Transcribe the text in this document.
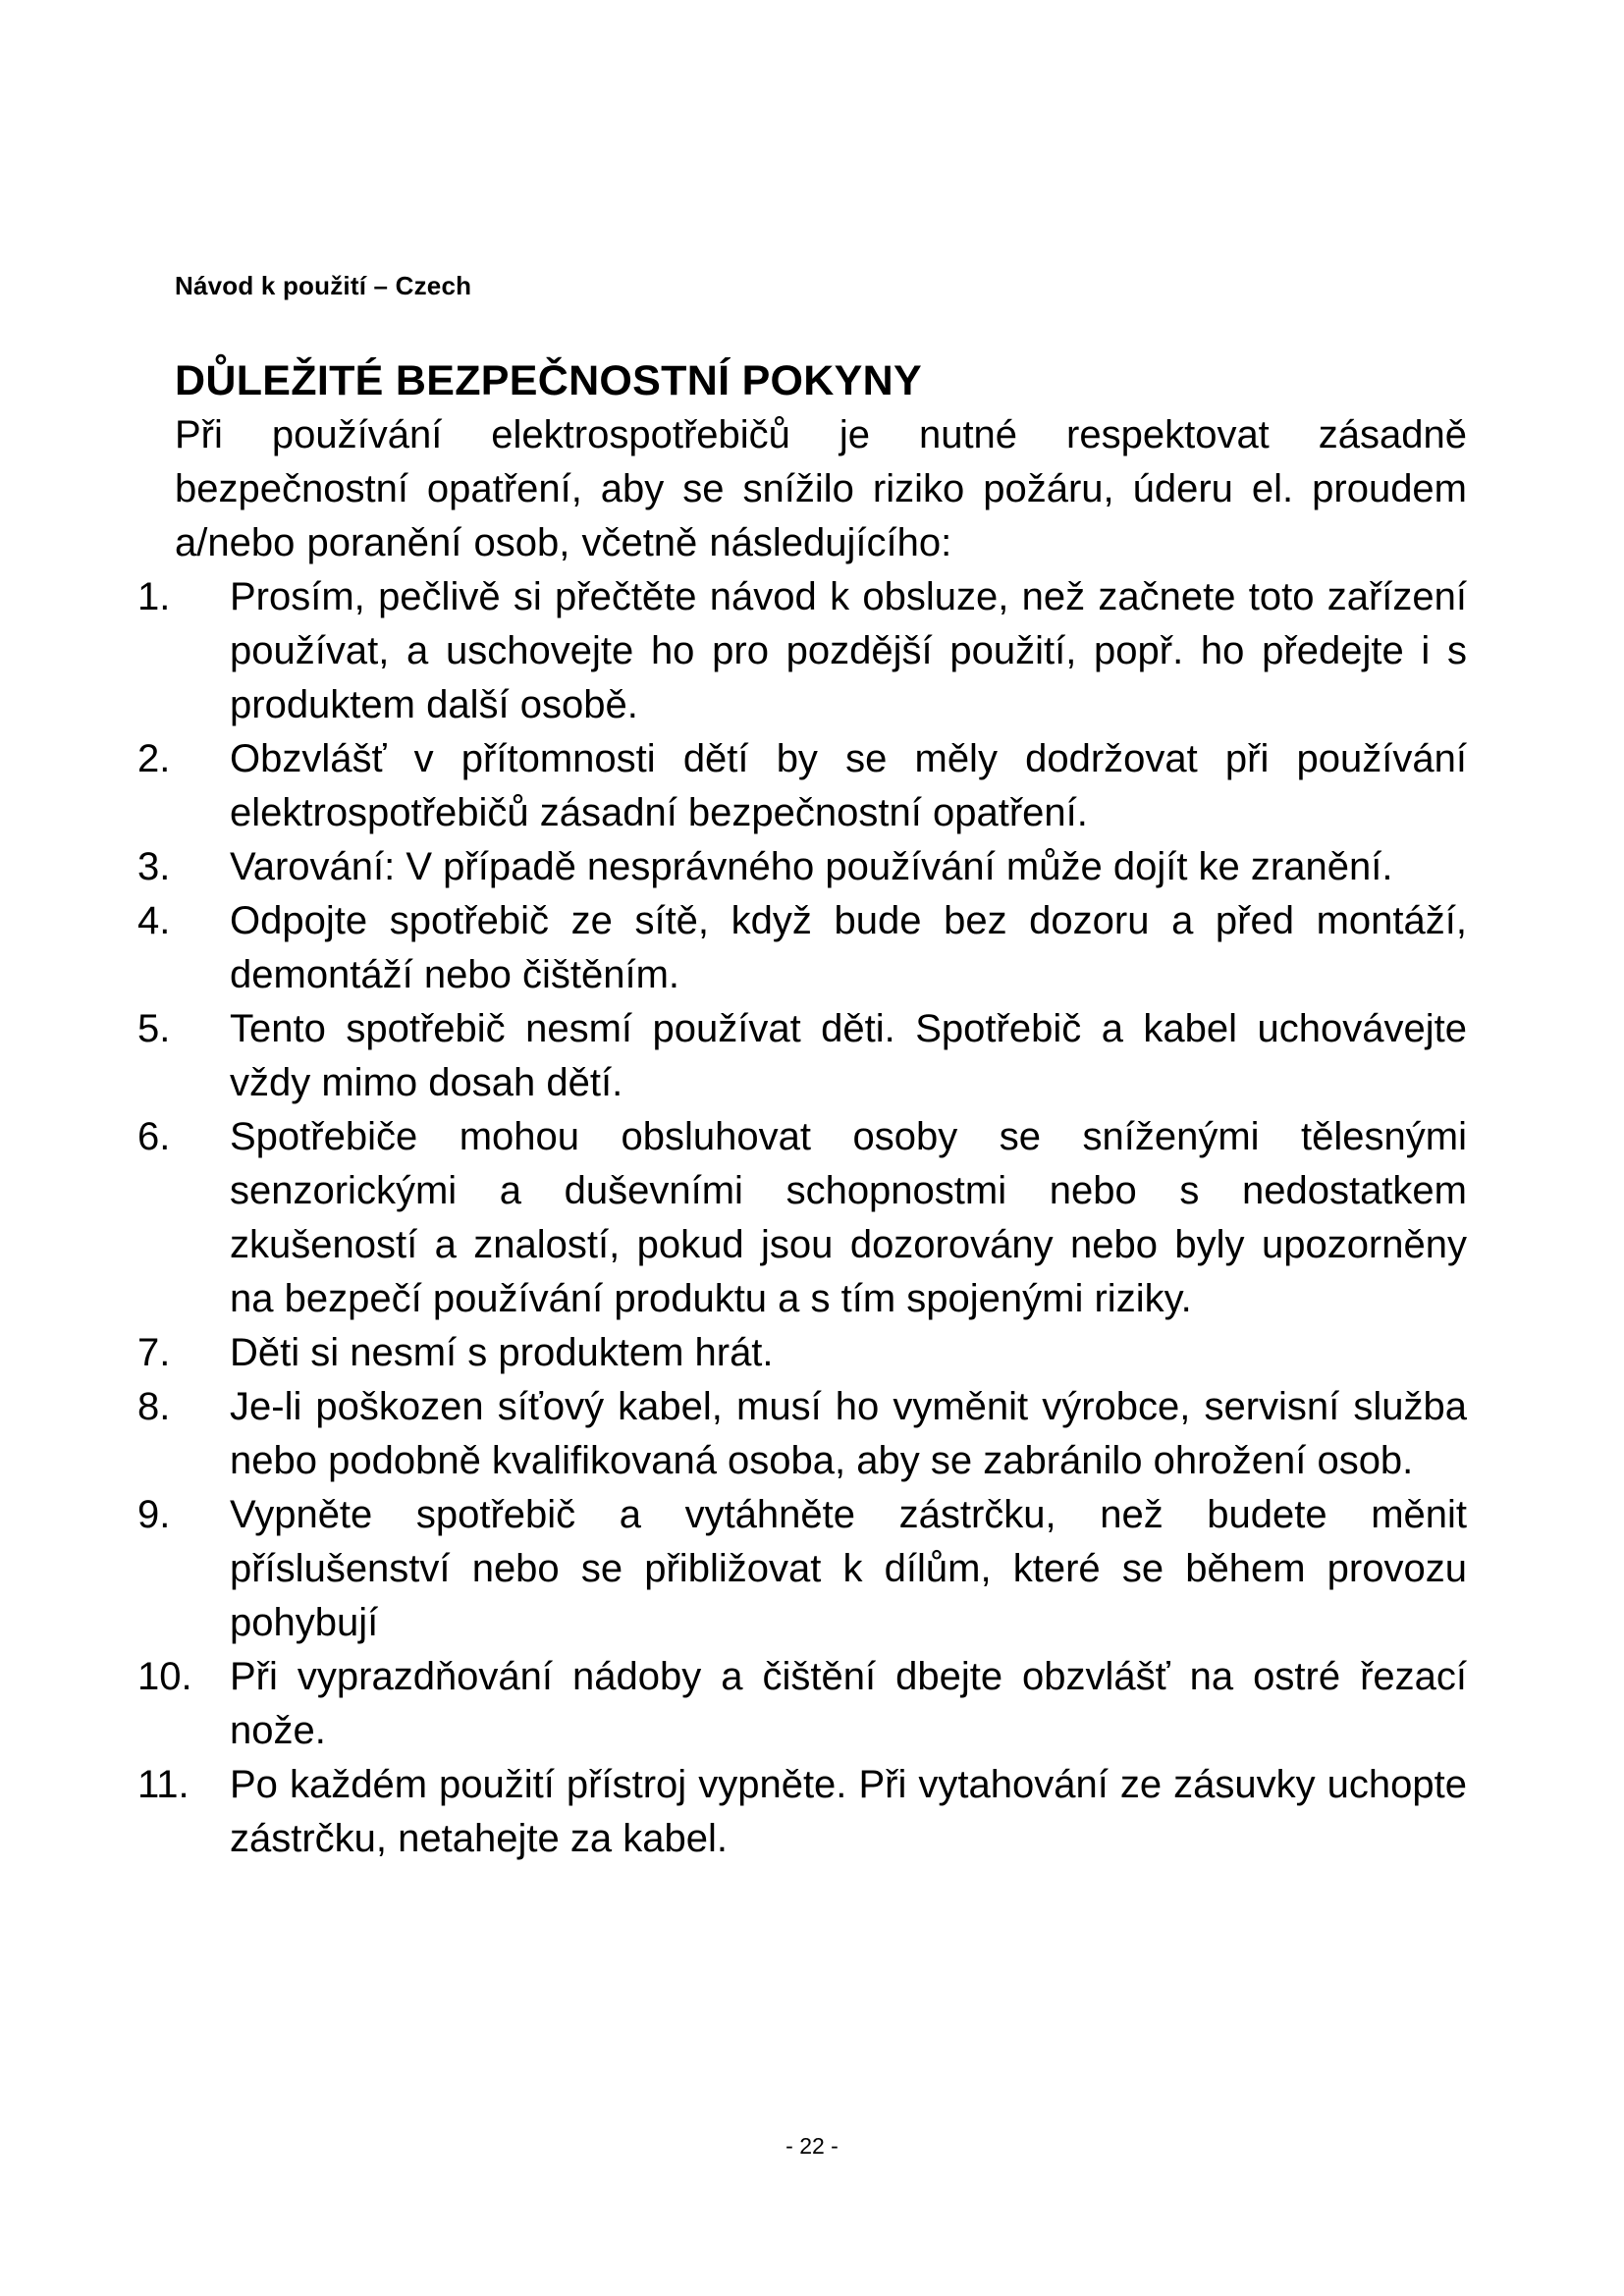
Návod k použití – Czech
DŮLEŽITÉ BEZPEČNOSTNÍ POKYNY

Při používání elektrospotřebičů je nutné respektovat zásadně bezpečnostní opatření, aby se snížilo riziko požáru, úderu el. proudem a/nebo poranění osob, včetně následujícího:

1.	Prosím, pečlivě si přečtěte návod k obsluze, než začnete toto zařízení používat, a uschovejte ho pro pozdější použití, popř. ho předejte i s produktem další osobě.
2.	Obzvlášť v přítomnosti dětí by se měly dodržovat při používání elektrospotřebičů zásadní bezpečnostní opatření.
3.	Varování: V případě nesprávného používání může dojít ke zranění.
4.	Odpojte spotřebič ze sítě, když bude bez dozoru a před montáží, demontáží nebo čištěním.
5.	Tento spotřebič nesmí používat děti. Spotřebič a kabel uchovávejte vždy mimo dosah dětí.
6.	Spotřebiče mohou obsluhovat osoby se sníženými tělesnými senzorickými a duševními schopnostmi nebo s nedostatkem zkušeností a znalostí, pokud jsou dozorovány nebo byly upozorněny na bezpečí používání produktu a s tím spojenými riziky.
7.	Děti si nesmí s produktem hrát.
8.	Je-li poškozen síťový kabel, musí ho vyměnit výrobce, servisní služba nebo podobně kvalifikovaná osoba, aby se zabránilo ohrožení osob.
9.	Vypněte spotřebič a vytáhněte zástrčku, než budete měnit příslušenství nebo se přibližovat k dílům, které se během provozu pohybují
10. Při vyprazdňování nádoby a čištění dbejte obzvlášť na ostré řezací nože.
11.	Po každém použití přístroj vypněte. Při vytahování ze zásuvky uchopte zástrčku, netahejte za kabel.
- 22 -
